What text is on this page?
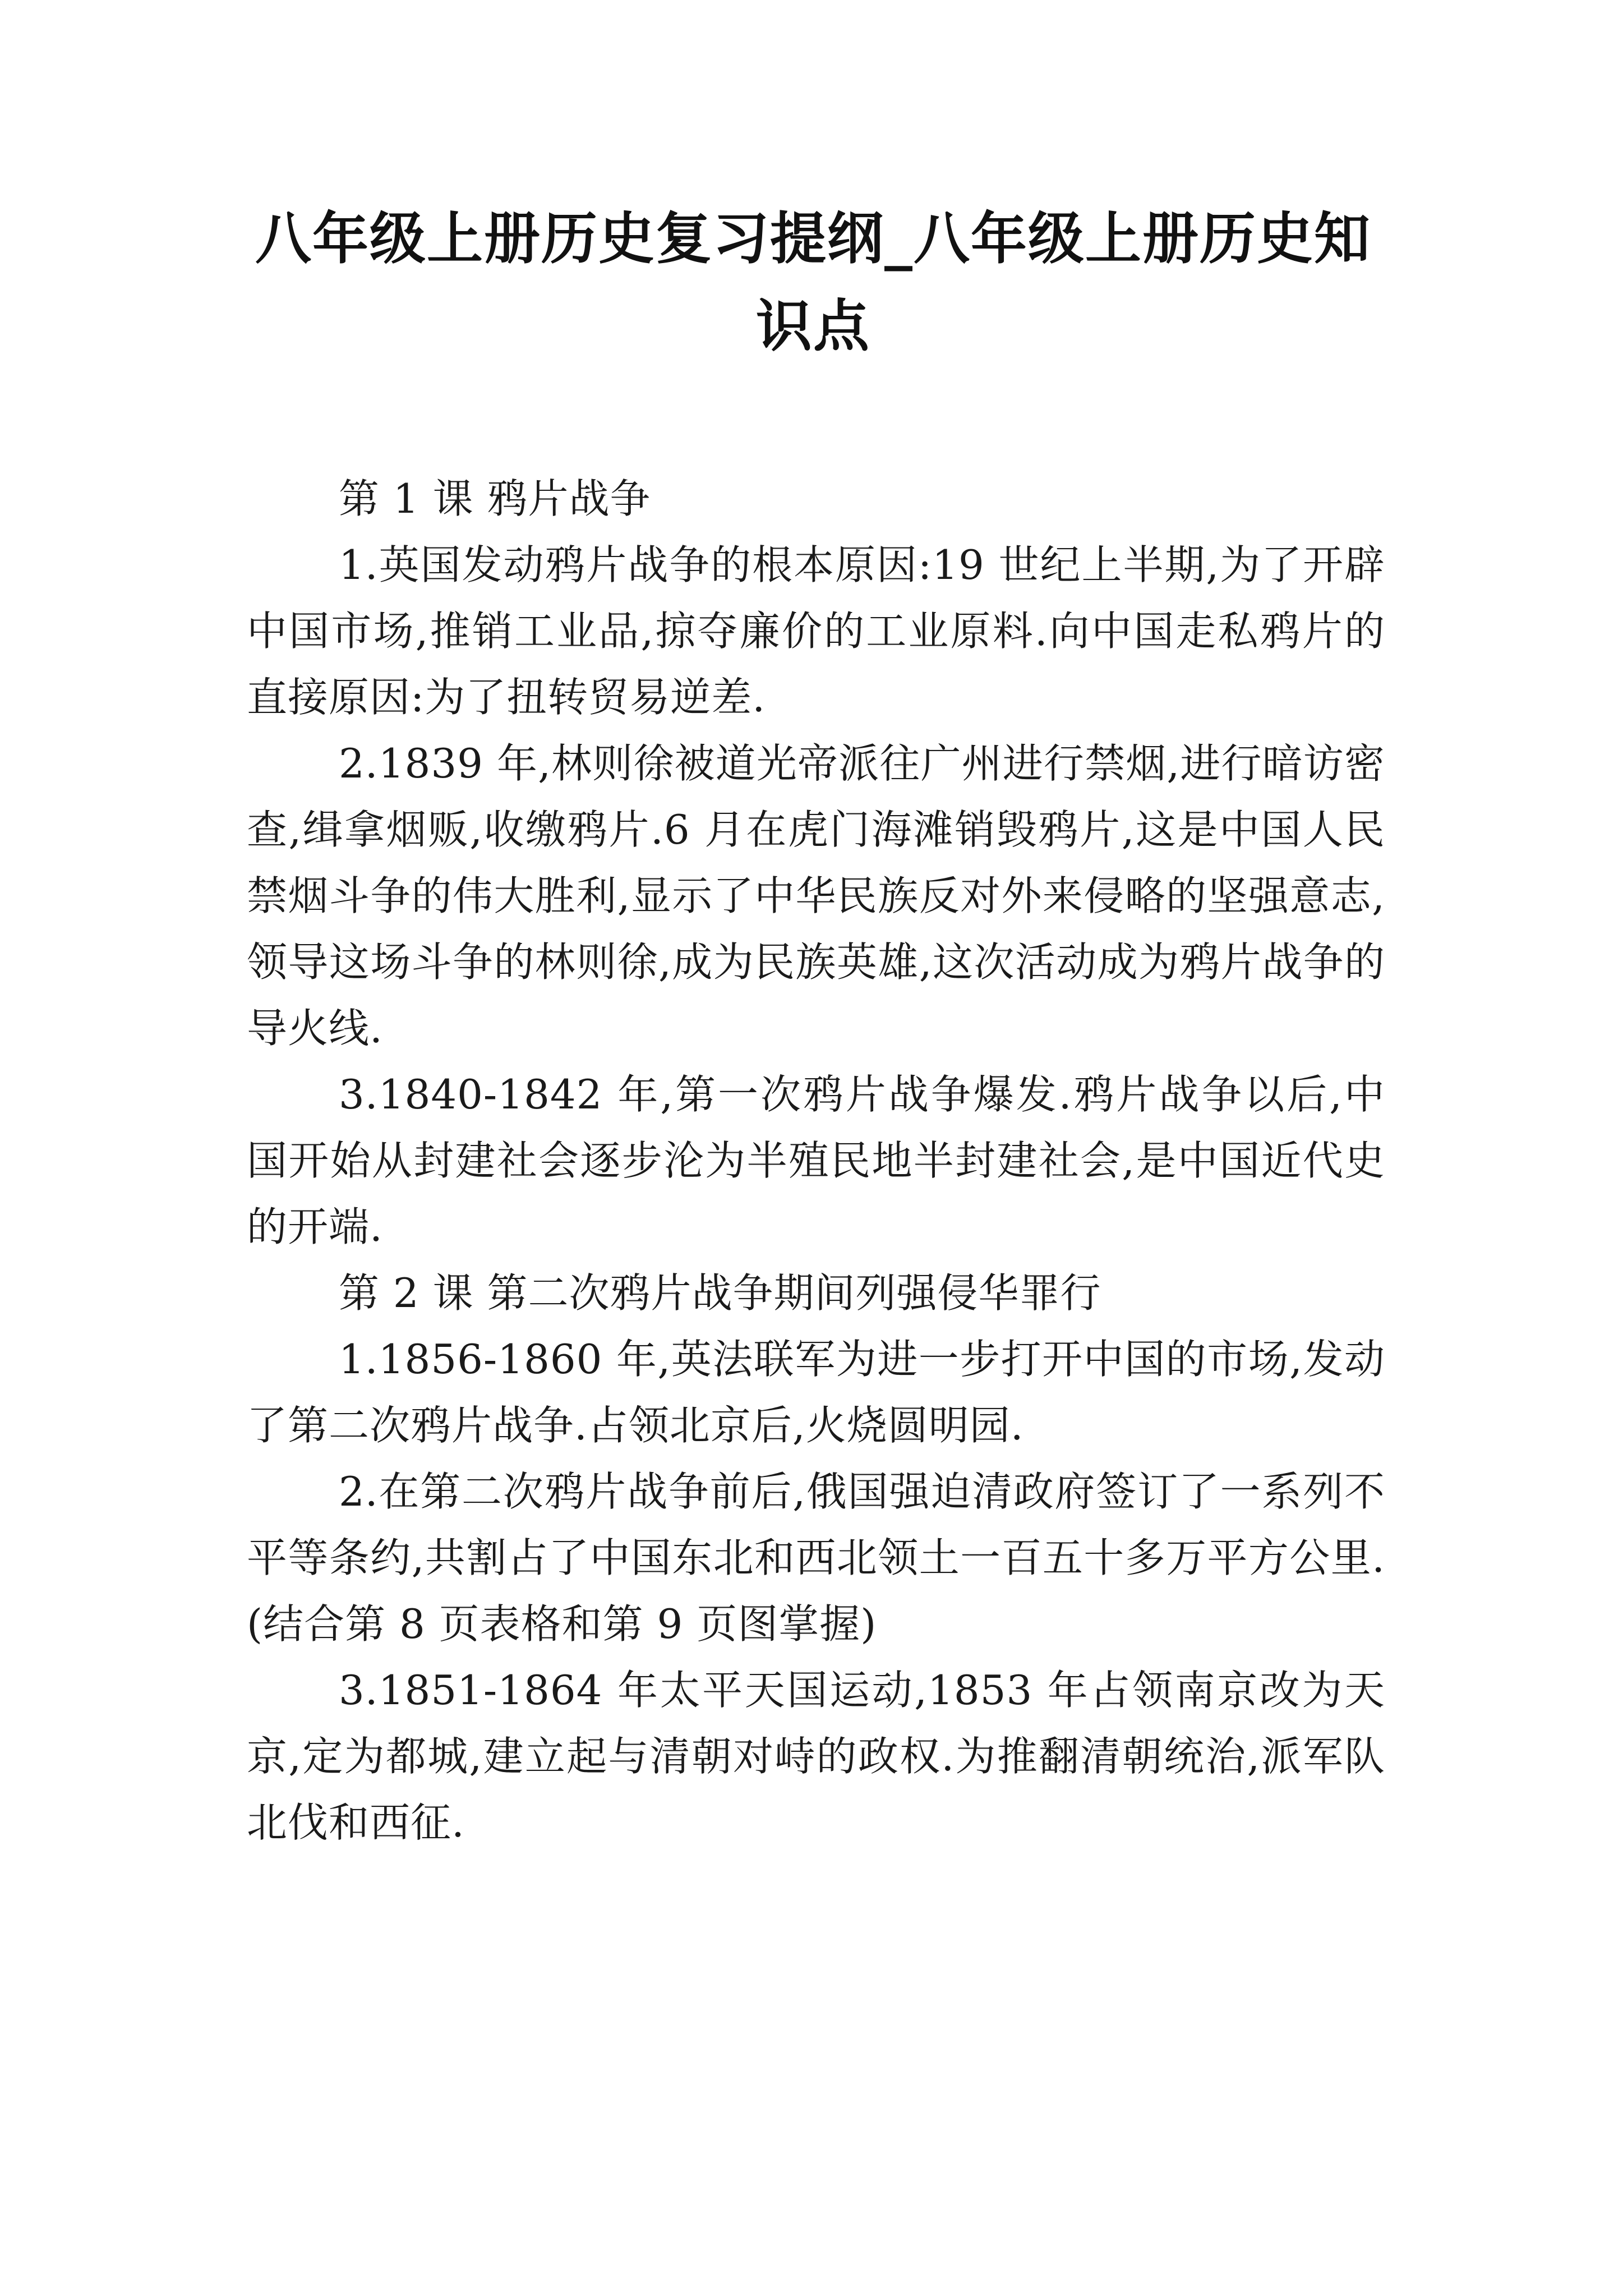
八年级上册历史复习提纲_八年级上册历史知识点

第 1 课 鸦片战争

1.英国发动鸦片战争的根本原因:19 世纪上半期,为了开辟中国市场,推销工业品,掠夺廉价的工业原料.向中国走私鸦片的直接原因:为了扭转贸易逆差.

2.1839 年,林则徐被道光帝派往广州进行禁烟,进行暗访密查,缉拿烟贩,收缴鸦片.6 月在虎门海滩销毁鸦片,这是中国人民禁烟斗争的伟大胜利,显示了中华民族反对外来侵略的坚强意志,领导这场斗争的林则徐,成为民族英雄,这次活动成为鸦片战争的导火线.

3.1840-1842 年,第一次鸦片战争爆发.鸦片战争以后,中国开始从封建社会逐步沦为半殖民地半封建社会,是中国近代史的开端.

第 2 课 第二次鸦片战争期间列强侵华罪行

1.1856-1860 年,英法联军为进一步打开中国的市场,发动了第二次鸦片战争.占领北京后,火烧圆明园.

2.在第二次鸦片战争前后,俄国强迫清政府签订了一系列不平等条约,共割占了中国东北和西北领土一百五十多万平方公里.(结合第 8 页表格和第 9 页图掌握)

3.1851-1864 年太平天国运动,1853 年占领南京改为天京,定为都城,建立起与清朝对峙的政权.为推翻清朝统治,派军队北伐和西征.
